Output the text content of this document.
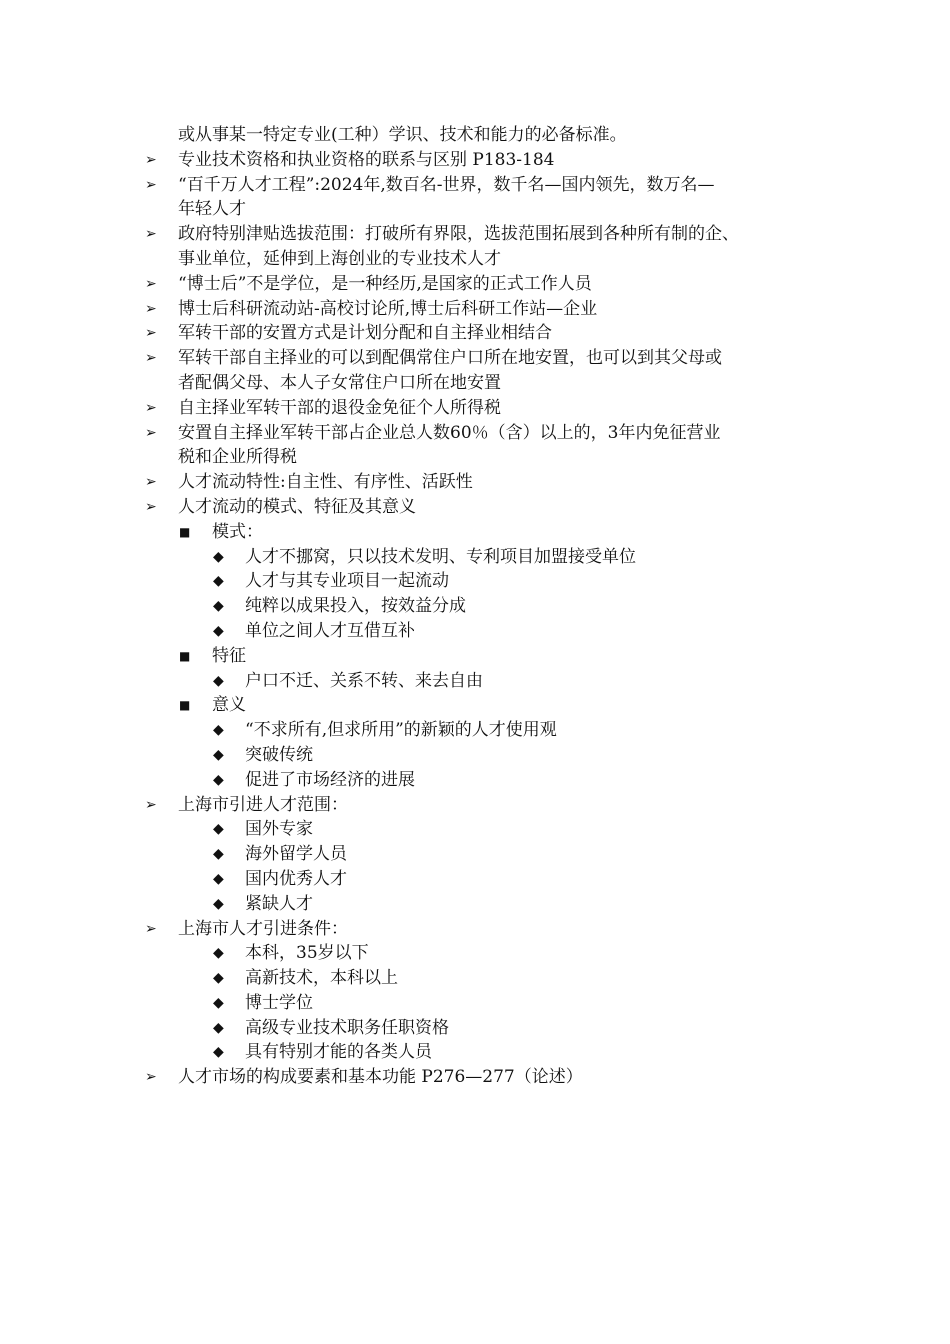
或从事某一特定专业(工种）学识、技术和能力的必备标准。
➢	专业技术资格和执业资格的联系与区别 P183-184
➢	“百千万人才工程”:2024年,数百名-世界，数千名—国内领先，数万名—
年轻人才
➢	政府特别津贴选拔范围：打破所有界限，选拔范围拓展到各种所有制的企、
事业单位，延伸到上海创业的专业技术人才
➢	“博士后”不是学位，是一种经历,是国家的正式工作人员
➢	博士后科研流动站-高校讨论所,博士后科研工作站—企业
➢	军转干部的安置方式是计划分配和自主择业相结合
➢	军转干部自主择业的可以到配偶常住户口所在地安置，也可以到其父母或
者配偶父母、本人子女常住户口所在地安置
➢	自主择业军转干部的退役金免征个人所得税
➢	安置自主择业军转干部占企业总人数60％（含）以上的，3年内免征营业
税和企业所得税
➢	人才流动特性:自主性、有序性、活跃性
➢	人才流动的模式、特征及其意义
■	模式：
◆	人才不挪窝，只以技术发明、专利项目加盟接受单位
◆	人才与其专业项目一起流动
◆	纯粹以成果投入，按效益分成
◆	单位之间人才互借互补
■	特征
◆	户口不迁、关系不转、来去自由
■	意义
◆	“不求所有,但求所用”的新颖的人才使用观
◆	突破传统
◆	促进了市场经济的进展
➢	上海市引进人才范围：
◆	国外专家
◆	海外留学人员
◆	国内优秀人才
◆	紧缺人才
➢	上海市人才引进条件：
◆	本科，35岁以下
◆	高新技术，本科以上
◆	博士学位
◆	高级专业技术职务任职资格
◆	具有特别才能的各类人员
➢	人才市场的构成要素和基本功能 P276—277（论述）
